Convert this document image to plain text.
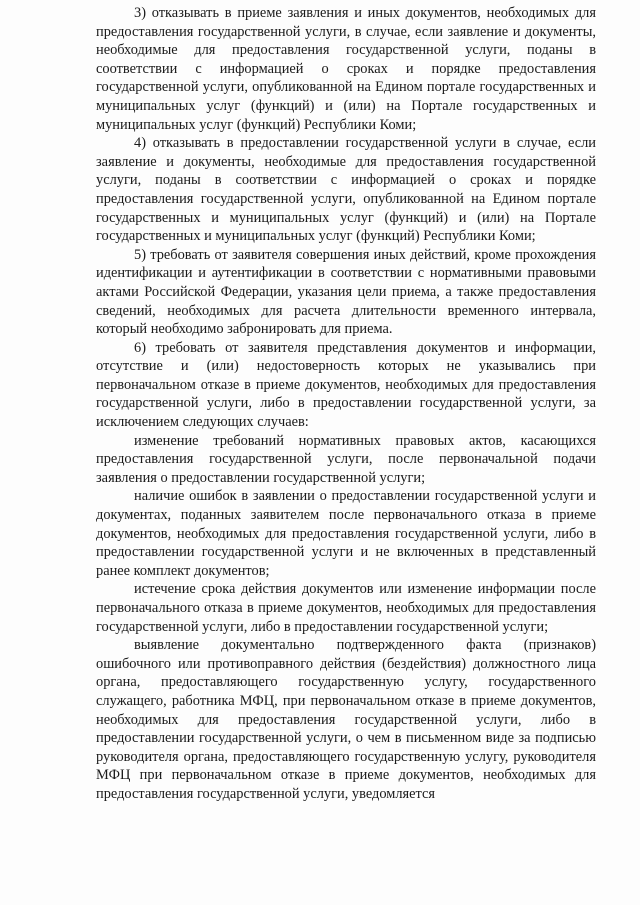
3) отказывать в приеме заявления и иных документов, необходимых для предоставления государственной услуги, в случае, если заявление и документы, необходимые для предоставления государственной услуги, поданы в соответствии с информацией о сроках и порядке предоставления государственной услуги, опубликованной на Едином портале государственных и муниципальных услуг (функций) и (или) на Портале государственных и муниципальных услуг (функций) Республики Коми;

4) отказывать в предоставлении государственной услуги в случае, если заявление и документы, необходимые для предоставления государственной услуги, поданы в соответствии с информацией о сроках и порядке предоставления государственной услуги, опубликованной на Едином портале государственных и муниципальных услуг (функций) и (или) на Портале государственных и муниципальных услуг (функций) Республики Коми;

5) требовать от заявителя совершения иных действий, кроме прохождения идентификации и аутентификации в соответствии с нормативными правовыми актами Российской Федерации, указания цели приема, а также предоставления сведений, необходимых для расчета длительности временного интервала, который необходимо забронировать для приема.

6) требовать от заявителя представления документов и информации, отсутствие и (или) недостоверность которых не указывались при первоначальном отказе в приеме документов, необходимых для предоставления государственной услуги, либо в предоставлении государственной услуги, за исключением следующих случаев:

изменение требований нормативных правовых актов, касающихся предоставления государственной услуги, после первоначальной подачи заявления о предоставлении государственной услуги;

наличие ошибок в заявлении о предоставлении государственной услуги и документах, поданных заявителем после первоначального отказа в приеме документов, необходимых для предоставления государственной услуги, либо в предоставлении государственной услуги и не включенных в представленный ранее комплект документов;

истечение срока действия документов или изменение информации после первоначального отказа в приеме документов, необходимых для предоставления государственной услуги, либо в предоставлении государственной услуги;

выявление документально подтвержденного факта (признаков) ошибочного или противоправного действия (бездействия) должностного лица органа, предоставляющего государственную услугу, государственного служащего, работника МФЦ, при первоначальном отказе в приеме документов, необходимых для предоставления государственной услуги, либо в предоставлении государственной услуги, о чем в письменном виде за подписью руководителя органа, предоставляющего государственную услугу, руководителя МФЦ при первоначальном отказе в приеме документов, необходимых для предоставления государственной услуги, уведомляется
